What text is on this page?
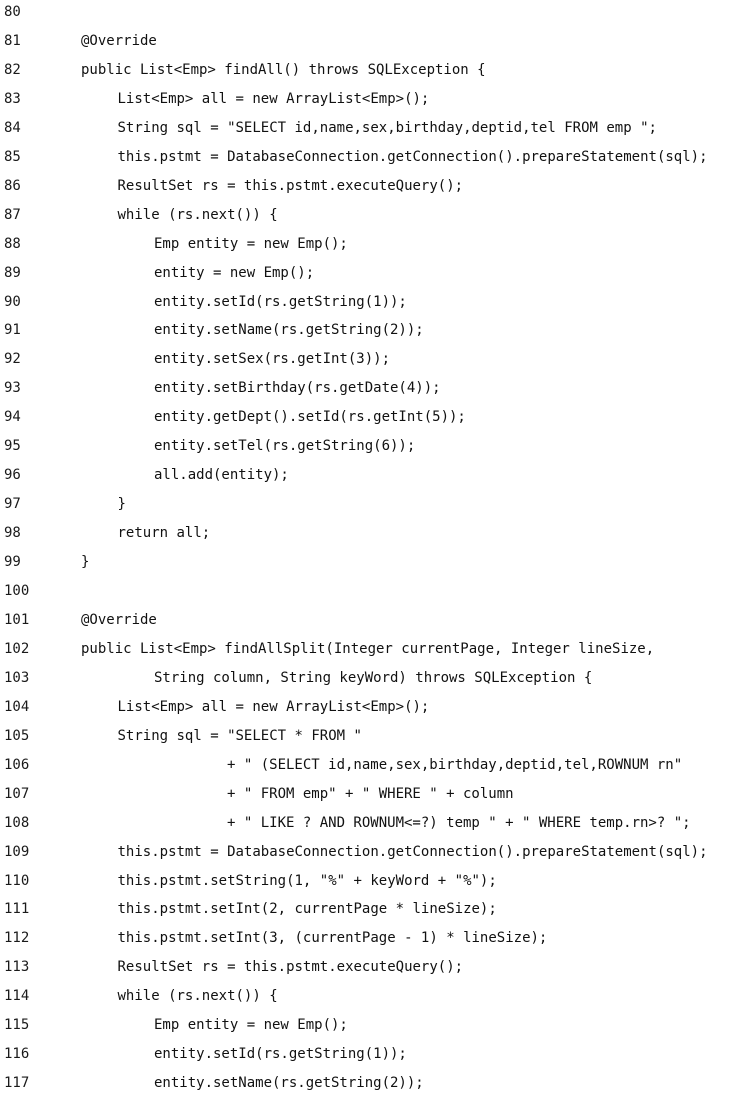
80
81	@Override
82	public List<Emp> findAll() throws SQLException {
83	List<Emp> all = new ArrayList<Emp>();
84	String sql = "SELECT id,name,sex,birthday,deptid,tel FROM emp ";
85	this.pstmt = DatabaseConnection.getConnection().prepareStatement(sql);
86	ResultSet rs = this.pstmt.executeQuery();
87	while (rs.next()) {
88	Emp entity = new Emp();
89	entity = new Emp();
90	entity.setId(rs.getString(1));
91	entity.setName(rs.getString(2));
92	entity.setSex(rs.getInt(3));
93	entity.setBirthday(rs.getDate(4));
94	entity.getDept().setId(rs.getInt(5));
95	entity.setTel(rs.getString(6));
96	all.add(entity);
97	}
98	return all;
99	}
100
101	@Override
102	public List<Emp> findAllSplit(Integer currentPage, Integer lineSize,
103	String column, String keyWord) throws SQLException {
104	List<Emp> all = new ArrayList<Emp>();
105	String sql = "SELECT * FROM "
106	+ " (SELECT id,name,sex,birthday,deptid,tel,ROWNUM rn"
107	+ " FROM emp" + " WHERE " + column
108	+ " LIKE ? AND ROWNUM<=?) temp " + " WHERE temp.rn>? ";
109	this.pstmt = DatabaseConnection.getConnection().prepareStatement(sql);
110	this.pstmt.setString(1, "%" + keyWord + "%");
111	this.pstmt.setInt(2, currentPage * lineSize);
112	this.pstmt.setInt(3, (currentPage - 1) * lineSize);
113	ResultSet rs = this.pstmt.executeQuery();
114	while (rs.next()) {
115	Emp entity = new Emp();
116	entity.setId(rs.getString(1));
117	entity.setName(rs.getString(2));
